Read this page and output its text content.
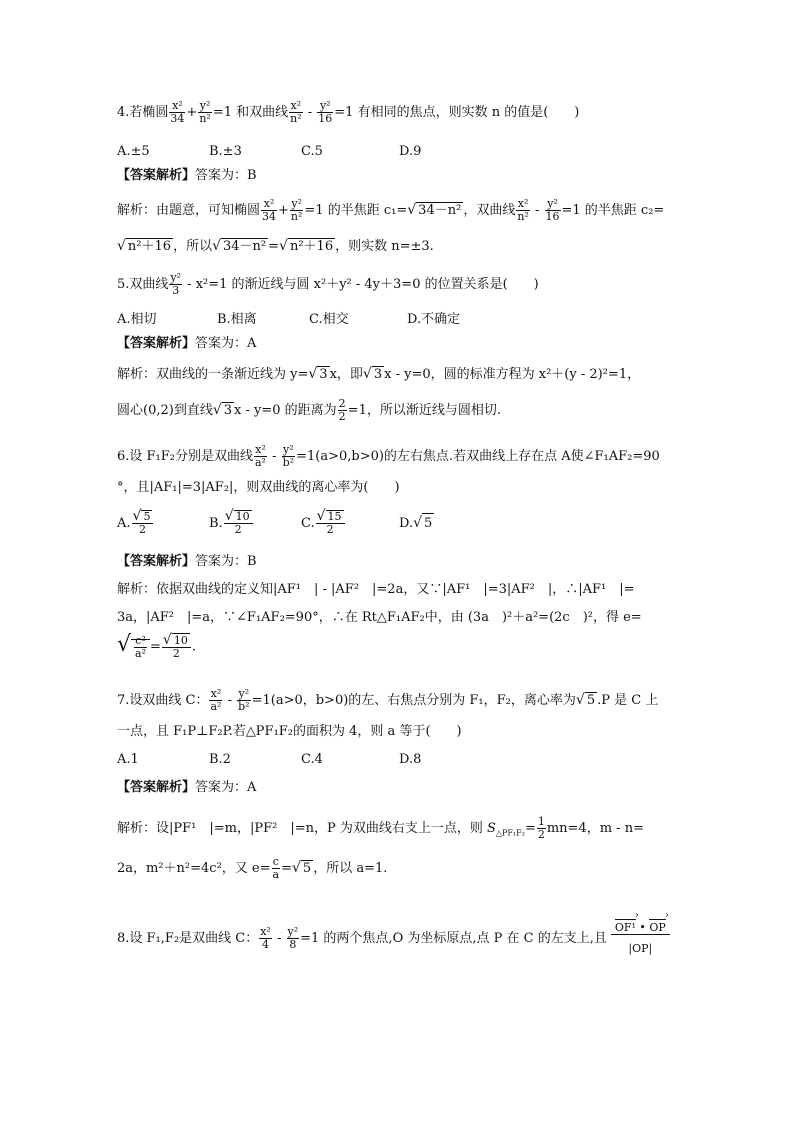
4.若椭圆 $\frac{\text{x²}}{34} + \frac{\text{y²}}{\text{n²}} =1$ 和双曲线 $\frac{\text{x²}}{\text{n²}} - \frac{\text{y²}}{16} =1$ 有相同的焦点，则实数 n 的值是(　　)
A.±5	B.±3	C.5	D.9
【答案解析】答案为：B
解析：由题意，可知椭圆 $\frac{\text{x²}}{34} + \frac{\text{y²}}{\text{n²}} =1$ 的半焦距 c₁=√ 34－n² ，双曲线 $\frac{\text{x²}}{\text{n²}} - \frac{\text{y²}}{16} =1$ 的半焦距 c₂=
√ n²＋16 ，所以√ 34－n² =√ n²＋16 ，则实数 n=±3.
5.双曲线 $\frac{\text{y²}}{3} - x^2=1$ 的渐近线与圆 x²＋y² - 4y＋3=0 的位置关系是(　　)
A.相切	B.相离	C.相交	D.不确定
【答案解析】答案为：A
解析：双曲线的一条渐近线为 y=√ 3 x，即√ 3 x - y=0，圆的标准方程为 x²＋(y - 2)²=1，
圆心(0,2)到直线√ 3 x - y=0 的距离为 $\frac{2}{2} =1$，所以渐近线与圆相切.
6.设 F₁F₂分别是双曲线 $\frac{\text{x²}}{\text{a²}} - \frac{\text{y²}}{\text{b²}} =1(a>0,b>0)$的左右焦点.若双曲线上存在点 A使∠F₁AF₂=90
°，且|AF₁|=3|AF₂|，则双曲线的离心率为(　　)
A. $\frac{√ 5}{2}$	B. $\frac{√ 10}{2}$	C. $\frac{√ 15}{2}$	D.√ 5
【答案解析】答案为：B
解析：依据双曲线的定义知|AF¹　| - |AF²　|=2a，又∵|AF¹　|=3|AF²　|，∴|AF¹　|=
3a，|AF²　|=a，∵∠F₁AF₂=90°，∴在 Rt△F₁AF₂中，由 (3a　)²＋a²=(2c　)²，得 e=
√ $\frac{\text{c²}}{\text{a²}} = \frac{√ 10}{2}$ .
7.设双曲线 C： $\frac{\text{x²}}{\text{a²}} - \frac{\text{y²}}{\text{b²}} =1(a>0$，b>0)的左、右焦点分别为 F₁，F₂，离心率为√ 5 .P 是 C 上
一点，且 F₁P⊥F₂P.若△PF₁F₂的面积为 4，则 a 等于(　　)
A.1	B.2	C.4	D.8
【答案解析】答案为：A
解析：设|PF¹　|=m，|PF²　|=n，P 为双曲线右支上一点，则 $S_{\triangle PF_1F_2}= \frac{1}{2} mn=4$，m - n=
2a，m²＋n²=4c²，又 $e= \frac{c}{a}$ =√ 5 ，所以 a=1.
8.设 F₁,F₂是双曲线 C： $\frac{\text{x²}}{4} - \frac{\text{y²}}{8} =1$ 的两个焦点,O 为坐标原点,点 P 在 C 的左支上,且 $\frac{\text{OF¹ › • OP ›}}{|OP|}$
